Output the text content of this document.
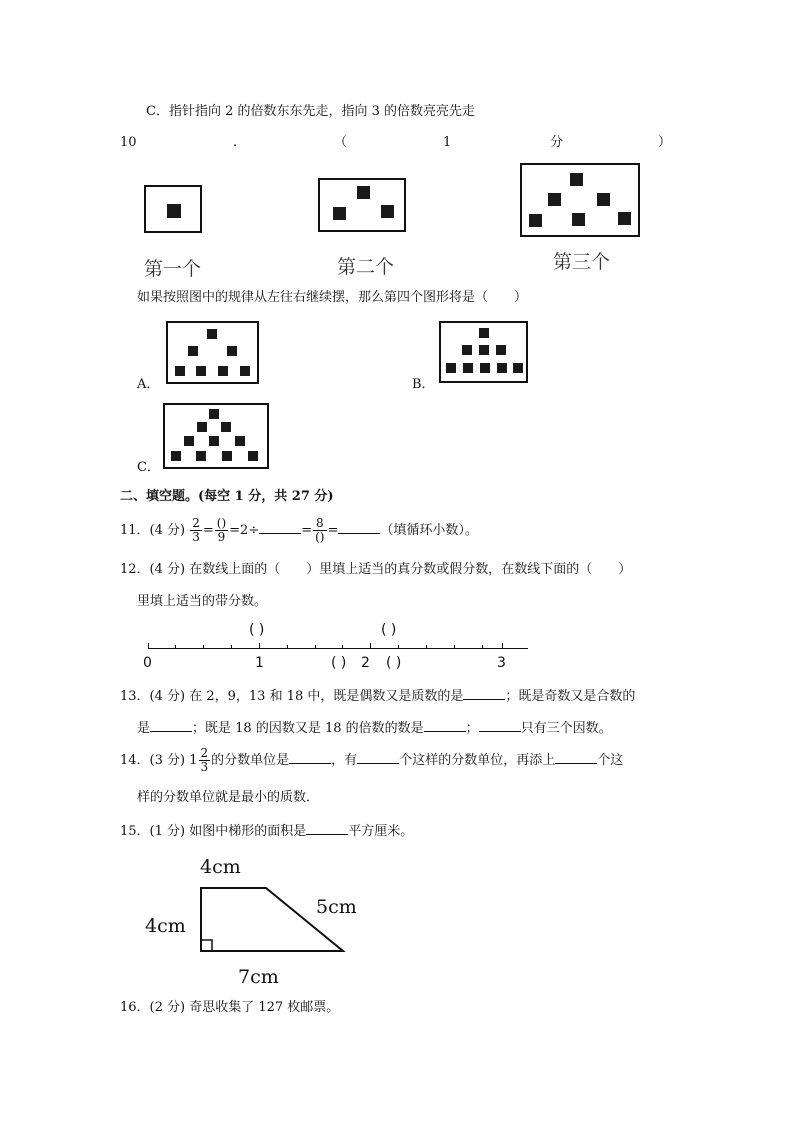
C．指针指向 2 的倍数东东先走，指向 3 的倍数亮亮先走
10	.	（	1	分	）
第一个	第二个	第三个
如果按照图中的规律从左往右继续摆，那么第四个图形将是（　　）
A．	B．
C．
二、填空题。(每空 1 分，共 27 分)
11．(4 分) $\frac{2}{3} = \frac{()}{9} =2\div$	= $\frac{8}{()}$ =	（填循环小数）。
12．(4 分) 在数线上面的（　　）里填上适当的真分数或假分数，在数线下面的（　　）
里填上适当的带分数。
( )	( )
0	1	( ) 2 ( )	3
13．(4 分) 在 2，9，13 和 18 中，既是偶数又是质数的是	；既是奇数又是合数的
是	；既是 18 的因数又是 18 的倍数的数是	；	只有三个因数。
14．(3 分) $1 \frac{2}{3}$ 的分数单位是	，有	个这样的分数单位，再添上	个这
样的分数单位就是最小的质数．
15．(1 分) 如图中梯形的面积是	平方厘米。
4cm
4cm
5cm
7cm
16．(2 分) 奇思收集了 127 枚邮票。
